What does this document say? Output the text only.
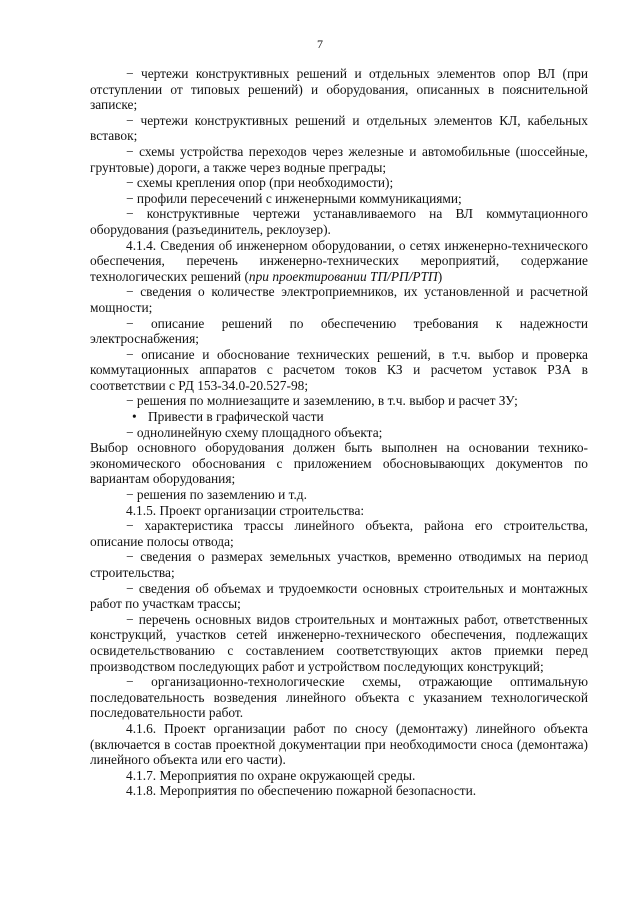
7

− чертежи конструктивных решений и отдельных элементов опор ВЛ (при отступлении от типовых решений) и оборудования, описанных в пояснительной записке;

− чертежи конструктивных решений и отдельных элементов КЛ, кабельных вставок;

− схемы устройства переходов через железные и автомобильные (шоссейные, грунтовые) дороги, а также через водные преграды;

− схемы крепления опор (при необходимости);

− профили пересечений с инженерными коммуникациями;

− конструктивные чертежи устанавливаемого на ВЛ коммутационного оборудования (разъединитель, реклоузер).

4.1.4. Сведения об инженерном оборудовании, о сетях инженерно-технического обеспечения, перечень инженерно-технических мероприятий, содержание технологических решений (при проектировании ТП/РП/РТП)

− сведения о количестве электроприемников, их установленной и расчетной мощности;

− описание решений по обеспечению требования к надежности электроснабжения;

− описание и обоснование технических решений, в т.ч. выбор и проверка коммутационных аппаратов с расчетом токов КЗ и расчетом уставок РЗА в соответствии с РД 153-34.0-20.527-98;

− решения по молниезащите и заземлению, в т.ч. выбор и расчет ЗУ;

• Привести в графической части

− однолинейную схему площадного объекта;

Выбор основного оборудования должен быть выполнен на основании технико-экономического обоснования с приложением обосновывающих документов по вариантам оборудования;

− решения по заземлению и т.д.

4.1.5. Проект организации строительства:

− характеристика трассы линейного объекта, района его строительства, описание полосы отвода;

− сведения о размерах земельных участков, временно отводимых на период строительства;

− сведения об объемах и трудоемкости основных строительных и монтажных работ по участкам трассы;

− перечень основных видов строительных и монтажных работ, ответственных конструкций, участков сетей инженерно-технического обеспечения, подлежащих освидетельствованию с составлением соответствующих актов приемки перед производством последующих работ и устройством последующих конструкций;

− организационно-технологические схемы, отражающие оптимальную последовательность возведения линейного объекта с указанием технологической последовательности работ.

4.1.6. Проект организации работ по сносу (демонтажу) линейного объекта (включается в состав проектной документации при необходимости сноса (демонтажа) линейного объекта или его части).

4.1.7. Мероприятия по охране окружающей среды.

4.1.8. Мероприятия по обеспечению пожарной безопасности.
